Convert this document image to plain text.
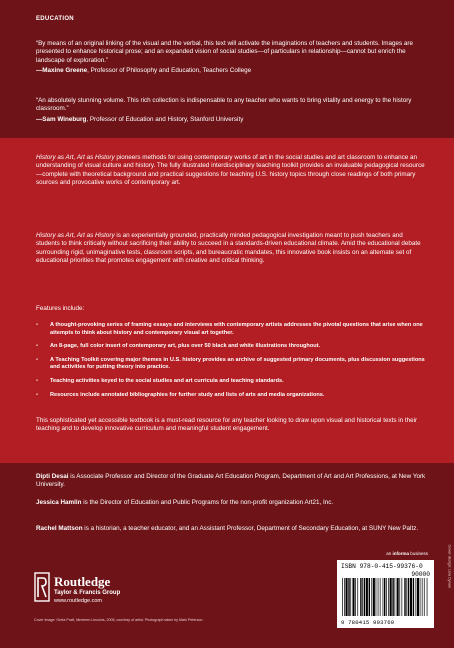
EDUCATION
“By means of an original linking of the visual and the verbal, this text will activate the imaginations of teachers and students. Images are presented to enhance historical prose; and an expanded vision of social studies—of particulars in relationship—cannot but enrich the landscape of exploration.”
—Maxine Greene, Professor of Philosophy and Education, Teachers College
“An absolutely stunning volume. This rich collection is indispensable to any teacher who wants to bring vitality and energy to the history classroom.”
—Sam Wineburg, Professor of Education and History, Stanford University
History as Art, Art as History pioneers methods for using contemporary works of art in the social studies and art classroom to enhance an understanding of visual culture and history. The fully illustrated interdisciplinary teaching toolkit provides an invaluable pedagogical resource—complete with theoretical background and practical suggestions for teaching U.S. history topics through close readings of both primary sources and provocative works of contemporary art.
History as Art, Art as History is an experientially grounded, practically minded pedagogical investigation meant to push teachers and students to think critically without sacrificing their ability to succeed in a standards-driven educational climate. Amid the educational debate surrounding rigid, unimaginative tests, classroom scripts, and bureaucratic mandates, this innovative book insists on an alternate set of educational priorities that promotes engagement with creative and critical thinking.
Features include:
• A thought-provoking series of framing essays and interviews with contemporary artists addresses the pivotal questions that arise when one attempts to think about history and contemporary visual art together.
• An 8-page, full color insert of contemporary art, plus over 50 black and white illustrations throughout.
• A Teaching Toolkit covering major themes in U.S. history provides an archive of suggested primary documents, plus discussion suggestions and activities for putting theory into practice.
• Teaching activities keyed to the social studies and art curricula and teaching standards.
• Resources include annotated bibliographies for further study and lists of arts and media organizations.
This sophisticated yet accessible textbook is a must-read resource for any teacher looking to draw upon visual and historical texts in their teaching and to develop innovative curriculum and meaningful student engagement.
Dipti Desai is Associate Professor and Director of the Graduate Art Education Program, Department of Art and Art Professions, at New York University.
Jessica Hamlin is the Director of Education and Public Programs for the non-profit organization Art21, Inc.
Rachel Mattson is a historian, a teacher educator, and an Assistant Professor, Department of Secondary Education, at SUNY New Paltz.
Routledge
Taylor & Francis Group
www.routledge.com
Cover image: Greta Pratt, Nineteen Lincolns, 2005, courtesy of artist. Photograph taken by Mark Peterson.
an informa business
ISBN 978-0-415-99376-0
90000
9 780415 993760
Cover design: Lisa Dynan
